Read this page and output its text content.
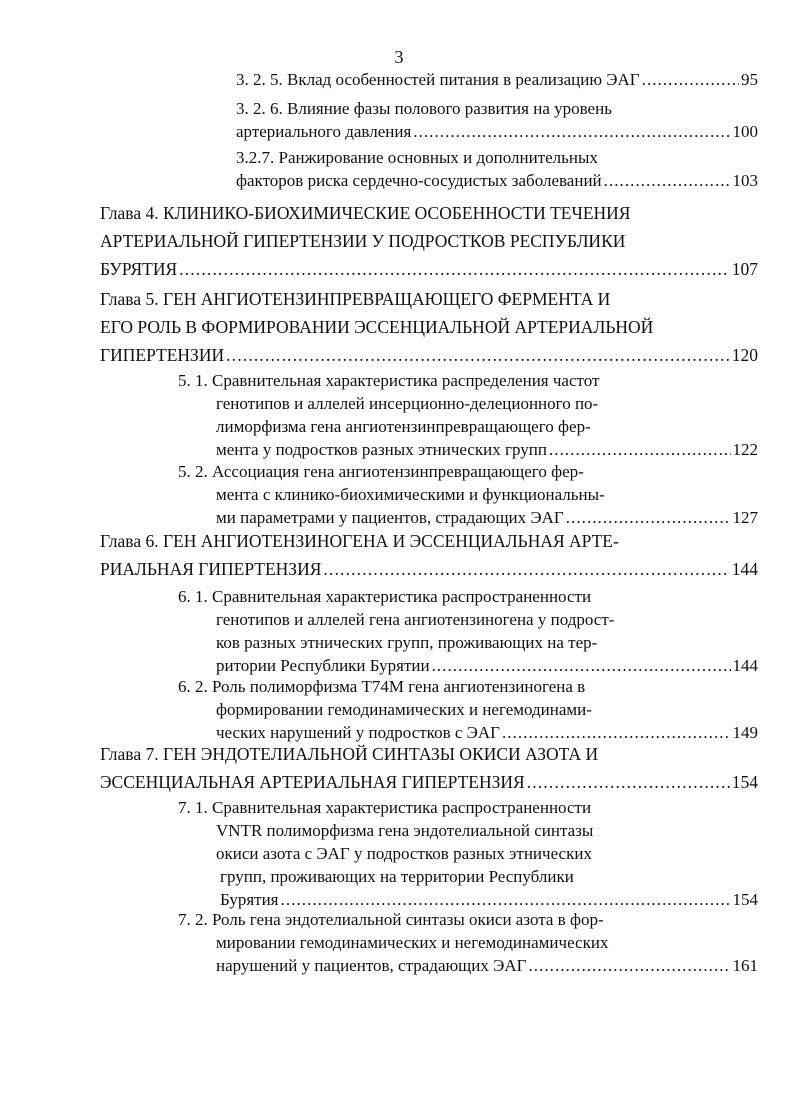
3
3. 2. 5. Вклад особенностей питания в реализацию ЭАГ . . .	95
3. 2. 6. Влияние фазы полового развития на уровень
артериального давления . . .	100
3.2.7. Ранжирование основных и дополнительных
факторов риска сердечно-сосудистых заболеваний . . .	103
Глава 4. КЛИНИКО-БИОХИМИЧЕСКИЕ ОСОБЕННОСТИ ТЕЧЕНИЯ
АРТЕРИАЛЬНОЙ ГИПЕРТЕНЗИИ У ПОДРОСТКОВ РЕСПУБЛИКИ
БУРЯТИЯ . . .	107
Глава 5. ГЕН АНГИОТЕНЗИНПРЕВРАЩАЮЩЕГО ФЕРМЕНТА И
ЕГО РОЛЬ В ФОРМИРОВАНИИ ЭССЕНЦИАЛЬНОЙ АРТЕРИАЛЬНОЙ
ГИПЕРТЕНЗИИ . . .	120
5. 1. Сравнительная характеристика распределения частот
генотипов и аллелей инсерционно-делеционного по-
лиморфизма гена ангиотензинпревращающего фер-
мента у подростков разных этнических групп . . .	122
5. 2. Ассоциация гена ангиотензинпревращающего фер-
мента с клинико-биохимическими и функциональны-
ми параметрами у пациентов, страдающих ЭАГ . . .	127
Глава 6. ГЕН АНГИОТЕНЗИНОГЕНА И ЭССЕНЦИАЛЬНАЯ АРТЕ-
РИАЛЬНАЯ ГИПЕРТЕНЗИЯ . . .	144
6. 1. Сравнительная характеристика распространенности
генотипов и аллелей гена ангиотензиногена у подрост-
ков разных этнических групп, проживающих на тер-
ритории Республики Бурятии . . .	144
6. 2. Роль полиморфизма Т74М гена ангиотензиногена в
формировании гемодинамических и негемодинами-
ческих нарушений у подростков с ЭАГ . . .	149
Глава 7. ГЕН ЭНДОТЕЛИАЛЬНОЙ СИНТАЗЫ ОКИСИ АЗОТА И
ЭССЕНЦИАЛЬНАЯ АРТЕРИАЛЬНАЯ ГИПЕРТЕНЗИЯ . . .	154
7. 1. Сравнительная характеристика распространенности
VNTR полиморфизма гена эндотелиальной синтазы
окиси азота с ЭАГ у подростков разных этнических
групп, проживающих на территории Республики
Бурятия . . .	154
7. 2. Роль гена эндотелиальной синтазы окиси азота в фор-
мировании гемодинамических и негемодинамических
нарушений у пациентов, страдающих ЭАГ . . .	161
